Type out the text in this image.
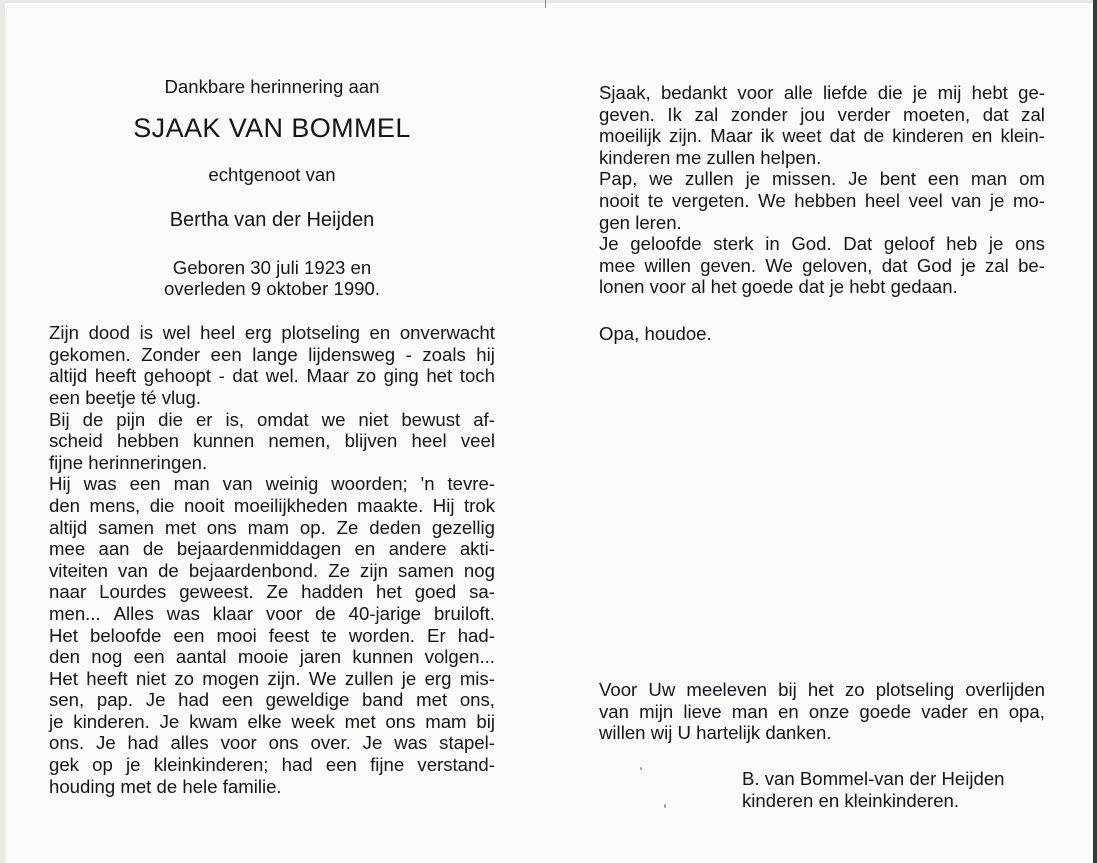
Dankbare herinnering aan

SJAAK VAN BOMMEL

echtgenoot van

Bertha van der Heijden

Geboren 30 juli 1923 en
overleden 9 oktober 1990.
Zijn dood is wel heel erg plotseling en onverwacht
gekomen. Zonder een lange lijdensweg - zoals hij
altijd heeft gehoopt - dat wel. Maar zo ging het toch
een beetje té vlug.
Bij de pijn die er is, omdat we niet bewust af-
scheid hebben kunnen nemen, blijven heel veel
fijne herinneringen.
Hij was een man van weinig woorden; 'n tevre-
den mens, die nooit moeilijkheden maakte. Hij trok
altijd samen met ons mam op. Ze deden gezellig
mee aan de bejaardenmiddagen en andere akti-
viteiten van de bejaardenbond. Ze zijn samen nog
naar Lourdes geweest. Ze hadden het goed sa-
men... Alles was klaar voor de 40-jarige bruiloft.
Het beloofde een mooi feest te worden. Er had-
den nog een aantal mooie jaren kunnen volgen...
Het heeft niet zo mogen zijn. We zullen je erg mis-
sen, pap. Je had een geweldige band met ons,
je kinderen. Je kwam elke week met ons mam bij
ons. Je had alles voor ons over. Je was stapel-
gek op je kleinkinderen; had een fijne verstand-
houding met de hele familie.
Sjaak, bedankt voor alle liefde die je mij hebt ge-
geven. Ik zal zonder jou verder moeten, dat zal
moeilijk zijn. Maar ik weet dat de kinderen en klein-
kinderen me zullen helpen.
Pap, we zullen je missen. Je bent een man om
nooit te vergeten. We hebben heel veel van je mo-
gen leren.
Je geloofde sterk in God. Dat geloof heb je ons
mee willen geven. We geloven, dat God je zal be-
lonen voor al het goede dat je hebt gedaan.

Opa, houdoe.

Voor Uw meeleven bij het zo plotseling overlijden
van mijn lieve man en onze goede vader en opa,
willen wij U hartelijk danken.
B. van Bommel-van der Heijden
kinderen en kleinkinderen.
